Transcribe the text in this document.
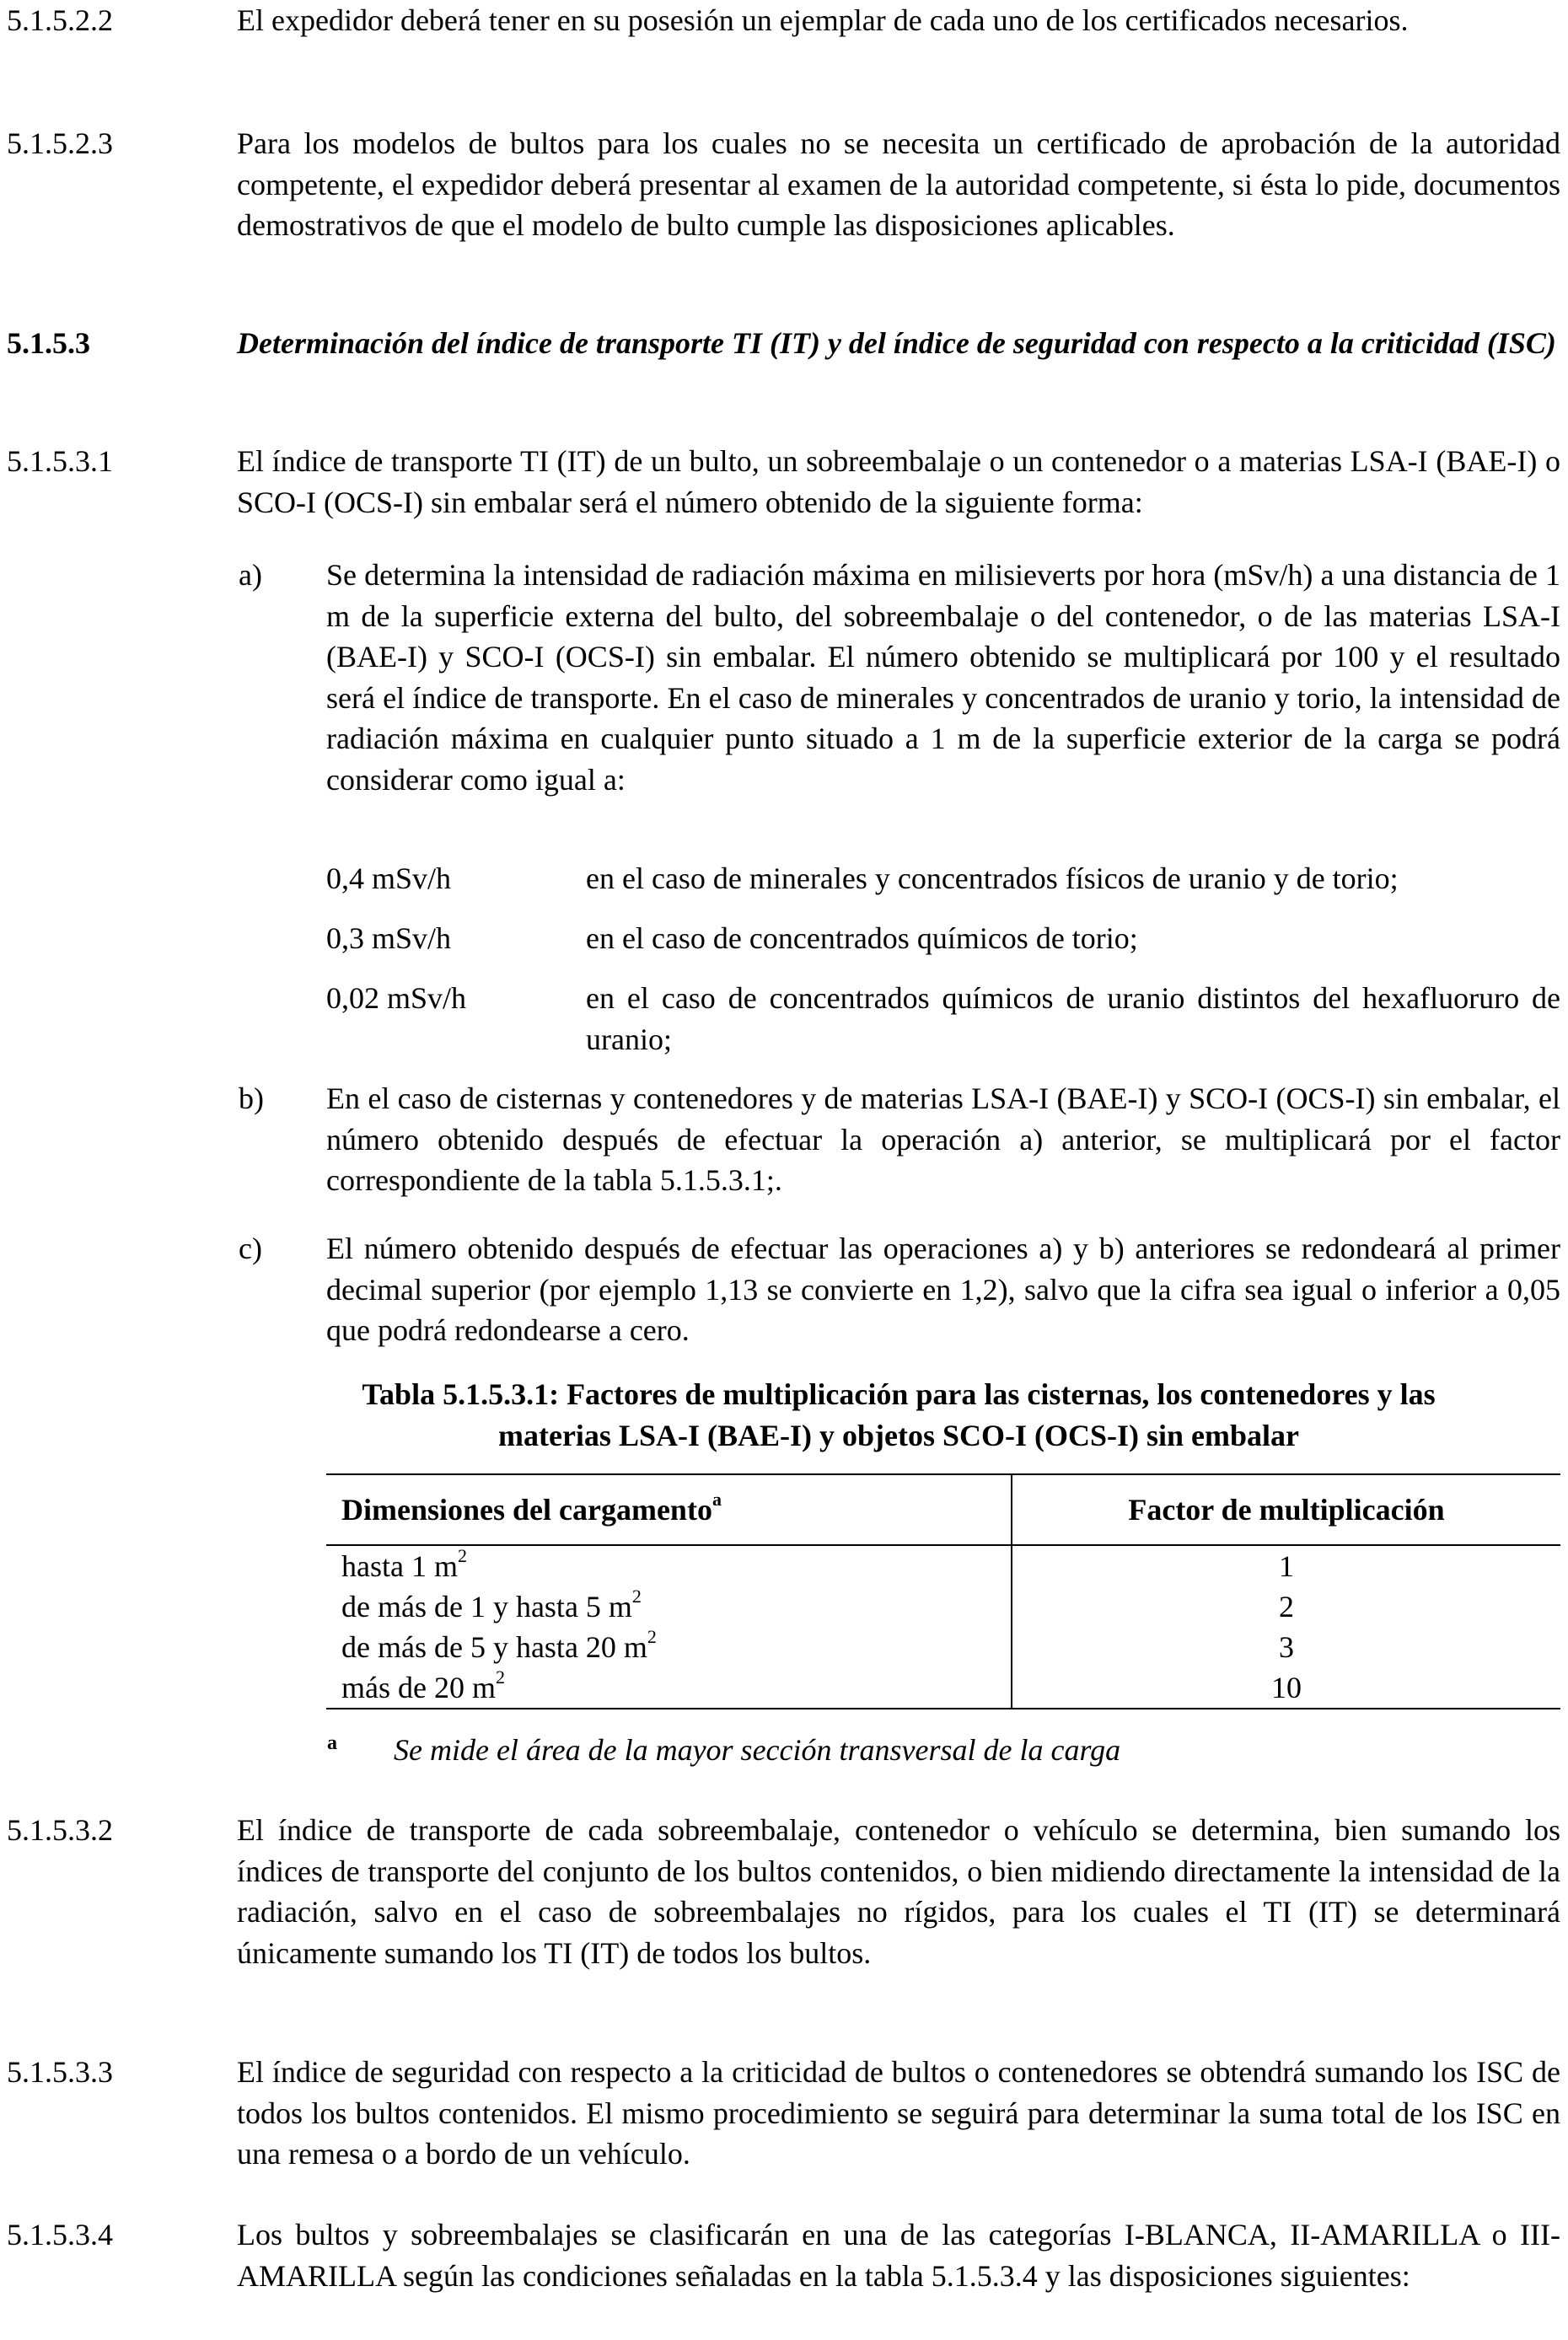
5.1.5.2.2	El expedidor deberá tener en su posesión un ejemplar de cada uno de los certificados necesarios.
5.1.5.2.3	Para los modelos de bultos para los cuales no se necesita un certificado de aprobación de la autoridad competente, el expedidor deberá presentar al examen de la autoridad competente, si ésta lo pide, documentos demostrativos de que el modelo de bulto cumple las disposiciones aplicables.
5.1.5.3	Determinación del índice de transporte TI (IT) y del índice de seguridad con respecto a la criticidad (ISC)
5.1.5.3.1	El índice de transporte TI (IT) de un bulto, un sobreembalaje o un contenedor o a materias LSA-I (BAE-I) o SCO-I (OCS-I) sin embalar será el número obtenido de la siguiente forma:
a) Se determina la intensidad de radiación máxima en milisieverts por hora (mSv/h) a una distancia de 1 m de la superficie externa del bulto, del sobreembalaje o del contenedor, o de las materias LSA-I (BAE-I) y SCO-I (OCS-I) sin embalar. El número obtenido se multiplicará por 100 y el resultado será el índice de transporte. En el caso de minerales y concentrados de uranio y torio, la intensidad de radiación máxima en cualquier punto situado a 1 m de la superficie exterior de la carga se podrá considerar como igual a:
0,4 mSv/h	en el caso de minerales y concentrados físicos de uranio y de torio;
0,3 mSv/h	en el caso de concentrados químicos de torio;
0,02 mSv/h	en el caso de concentrados químicos de uranio distintos del hexafluoruro de uranio;
b) En el caso de cisternas y contenedores y de materias LSA-I (BAE-I) y SCO-I (OCS-I) sin embalar, el número obtenido después de efectuar la operación a) anterior, se multiplicará por el factor correspondiente de la tabla 5.1.5.3.1;.
c) El número obtenido después de efectuar las operaciones a) y b) anteriores se redondeará al primer decimal superior (por ejemplo 1,13 se convierte en 1,2), salvo que la cifra sea igual o inferior a 0,05 que podrá redondearse a cero.
Tabla 5.1.5.3.1: Factores de multiplicación para las cisternas, los contenedores y las
materias LSA-I (BAE-I) y objetos SCO-I (OCS-I) sin embalar
Dimensiones del cargamento$^a$	Factor de multiplicación
hasta 1 $m^2$	1
de más de 1 y hasta 5 $m^2$	2
de más de 5 y hasta 20 $m^2$	3
más de 20 $m^2$	10
a Se mide el área de la mayor sección transversal de la carga
5.1.5.3.2	El índice de transporte de cada sobreembalaje, contenedor o vehículo se determina, bien sumando los índices de transporte del conjunto de los bultos contenidos, o bien midiendo directamente la intensidad de la radiación, salvo en el caso de sobreembalajes no rígidos, para los cuales el TI (IT) se determinará únicamente sumando los TI (IT) de todos los bultos.
5.1.5.3.3	El índice de seguridad con respecto a la criticidad de bultos o contenedores se obtendrá sumando los ISC de todos los bultos contenidos. El mismo procedimiento se seguirá para determinar la suma total de los ISC en una remesa o a bordo de un vehículo.
5.1.5.3.4	Los bultos y sobreembalajes se clasificarán en una de las categorías I-BLANCA, II-AMARILLA o III-AMARILLA según las condiciones señaladas en la tabla 5.1.5.3.4 y las disposiciones siguientes:
